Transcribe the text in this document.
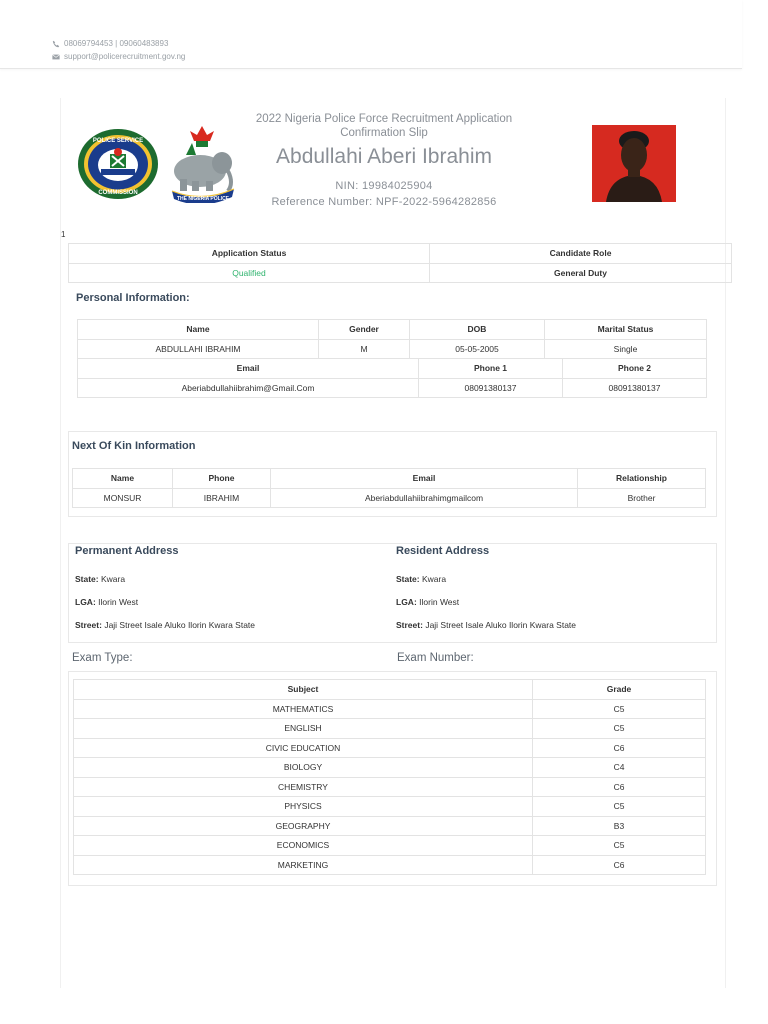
08069794453 | 09060483893
support@policerecruitment.gov.ng
POLICE SERVICE
COMMISSION
THE NIGERIA POLICE
2022 Nigeria Police Force Recruitment Application
Confirmation Slip
Abdullahi Aberi Ibrahim
NIN: 19984025904
Reference Number: NPF-2022-5964282856
1
Application Status	Candidate Role
Qualified	General Duty
Personal Information:
Name	Gender	DOB	Marital Status
ABDULLAHI IBRAHIM	M	05-05-2005	Single
Email	Phone 1	Phone 2
Aberiabdullahiibrahim@Gmail.Com	08091380137	08091380137
Next Of Kin Information
Name	Phone	Email	Relationship
MONSUR	IBRAHIM	Aberiabdullahiibrahimgmailcom	Brother
Permanent Address
State: Kwara
LGA: Ilorin West
Street: Jaji Street Isale Aluko Ilorin Kwara State
Resident Address
State: Kwara
LGA: Ilorin West
Street: Jaji Street Isale Aluko Ilorin Kwara State
Exam Type:	Exam Number:
Subject	Grade
MATHEMATICS	C5
ENGLISH	C5
CIVIC EDUCATION	C6
BIOLOGY	C4
CHEMISTRY	C6
PHYSICS	C5
GEOGRAPHY	B3
ECONOMICS	C5
MARKETING	C6
